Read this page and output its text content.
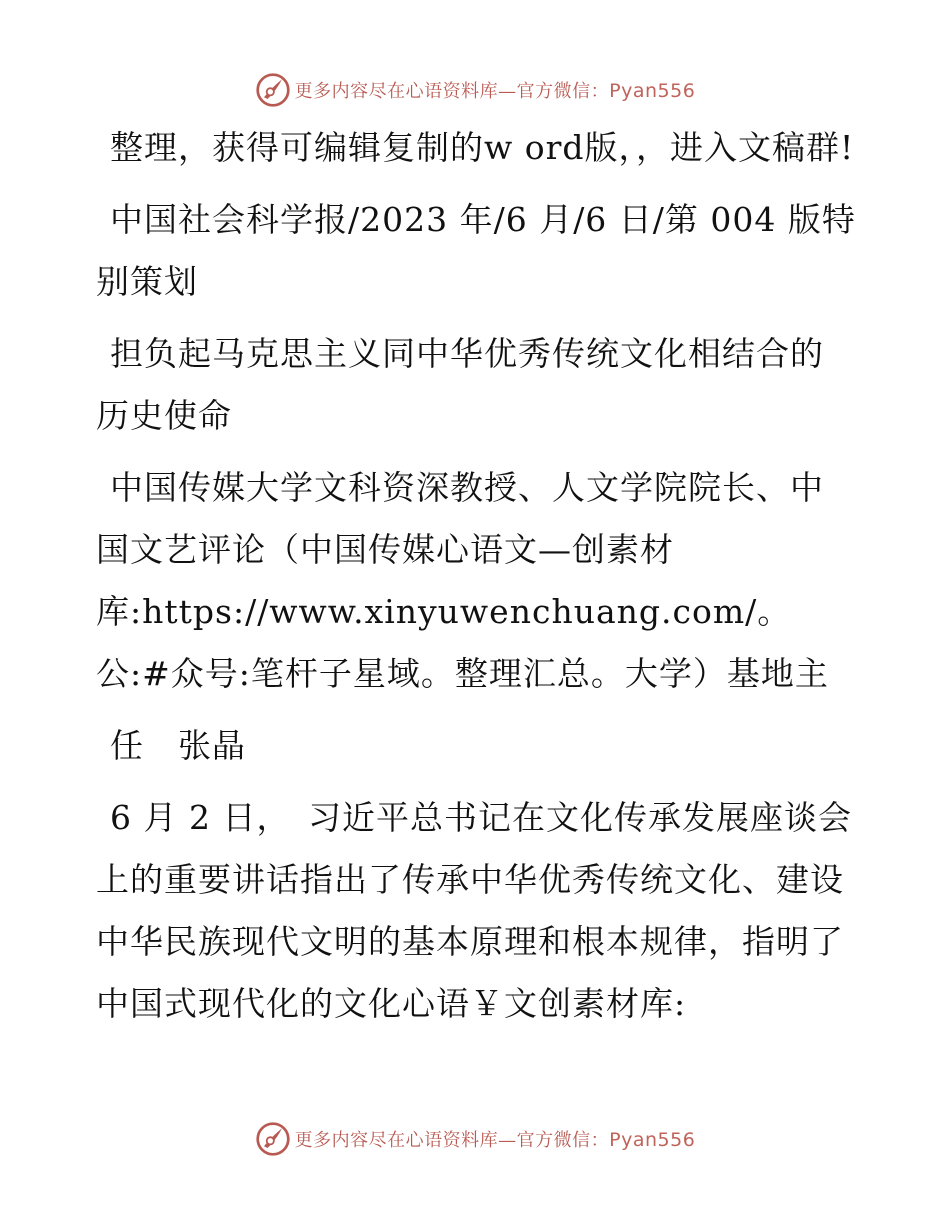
更多内容尽在心语资料库—官方微信：Pyan556

整理，获得可编辑复制的w ord版，，进入文稿群!

中国社会科学报/2023 年/6 月/6 日/第 004 版特别策划

担负起马克思主义同中华优秀传统文化相结合的历史使命

中国传媒大学文科资深教授、人文学院院长、中国文艺评论（中国传媒心语文—创素材库:https://www.xinyuwenchuang.com/。公:#众号:笔杆子星域。整理汇总。大学）基地主

任　张晶

6 月 2 日，　习近平总书记在文化传承发展座谈会上的重要讲话指出了传承中华优秀传统文化、建设中华民族现代文明的基本原理和根本规律，指明了中国式现代化的文化心语￥文创素材库:

更多内容尽在心语资料库—官方微信：Pyan556
